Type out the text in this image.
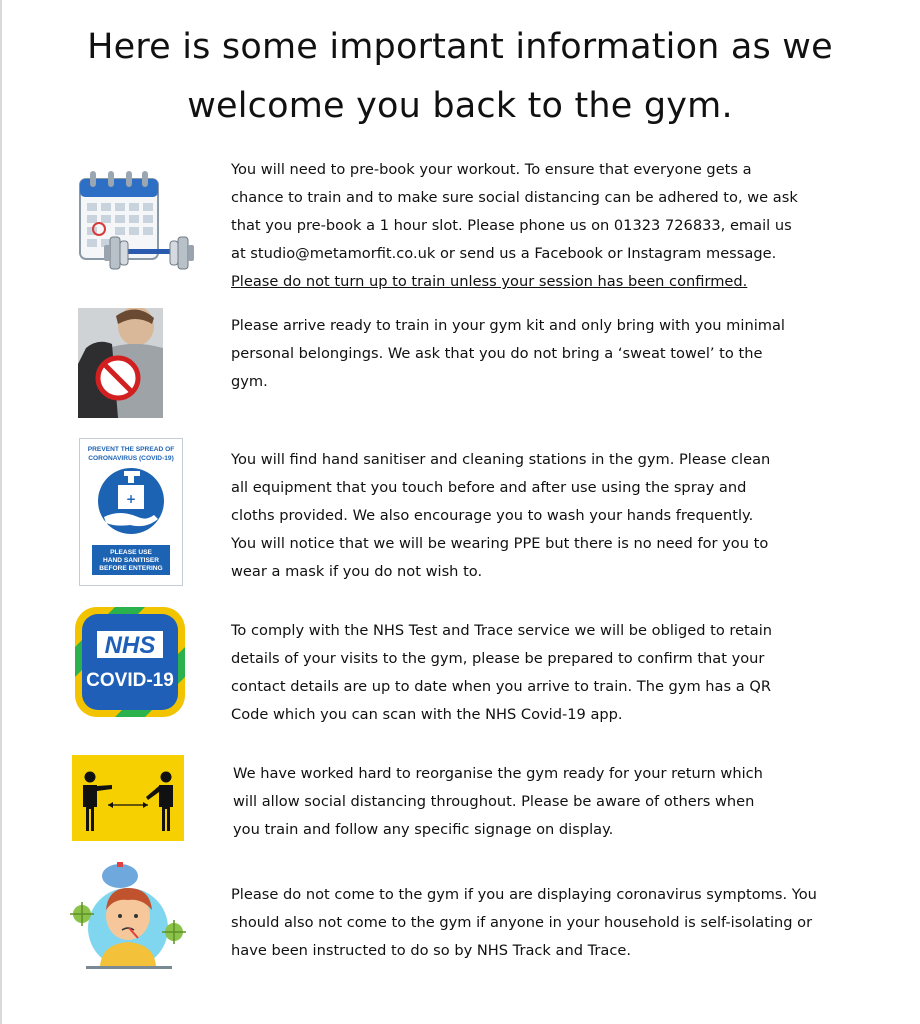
Here is some important information as we
welcome you back to the gym.

You will need to pre-book your workout. To ensure that everyone gets a
chance to train and to make sure social distancing can be adhered to, we ask
that you pre-book a 1 hour slot. Please phone us on 01323 726833, email us
at studio@metamorfit.co.uk or send us a Facebook or Instagram message.
Please do not turn up to train unless your session has been confirmed.

Please arrive ready to train in your gym kit and only bring with you minimal
personal belongings. We ask that you do not bring a ‘sweat towel’ to the
gym.

PREVENT THE SPREAD OF
CORONAVIRUS (COVID-19)
+
PLEASE USE
HAND SANITISER
BEFORE ENTERING

You will find hand sanitiser and cleaning stations in the gym. Please clean
all equipment that you touch before and after use using the spray and
cloths provided. We also encourage you to wash your hands frequently.
You will notice that we will be wearing PPE but there is no need for you to
wear a mask if you do not wish to.

NHS
COVID-19

To comply with the NHS Test and Trace service we will be obliged to retain
details of your visits to the gym, please be prepared to confirm that your
contact details are up to date when you arrive to train. The gym has a QR
Code which you can scan with the NHS Covid-19 app.

We have worked hard to reorganise the gym ready for your return which
will allow social distancing throughout. Please be aware of others when
you train and follow any specific signage on display.

Please do not come to the gym if you are displaying coronavirus symptoms. You
should also not come to the gym if anyone in your household is self-isolating or
have been instructed to do so by NHS Track and Trace.
